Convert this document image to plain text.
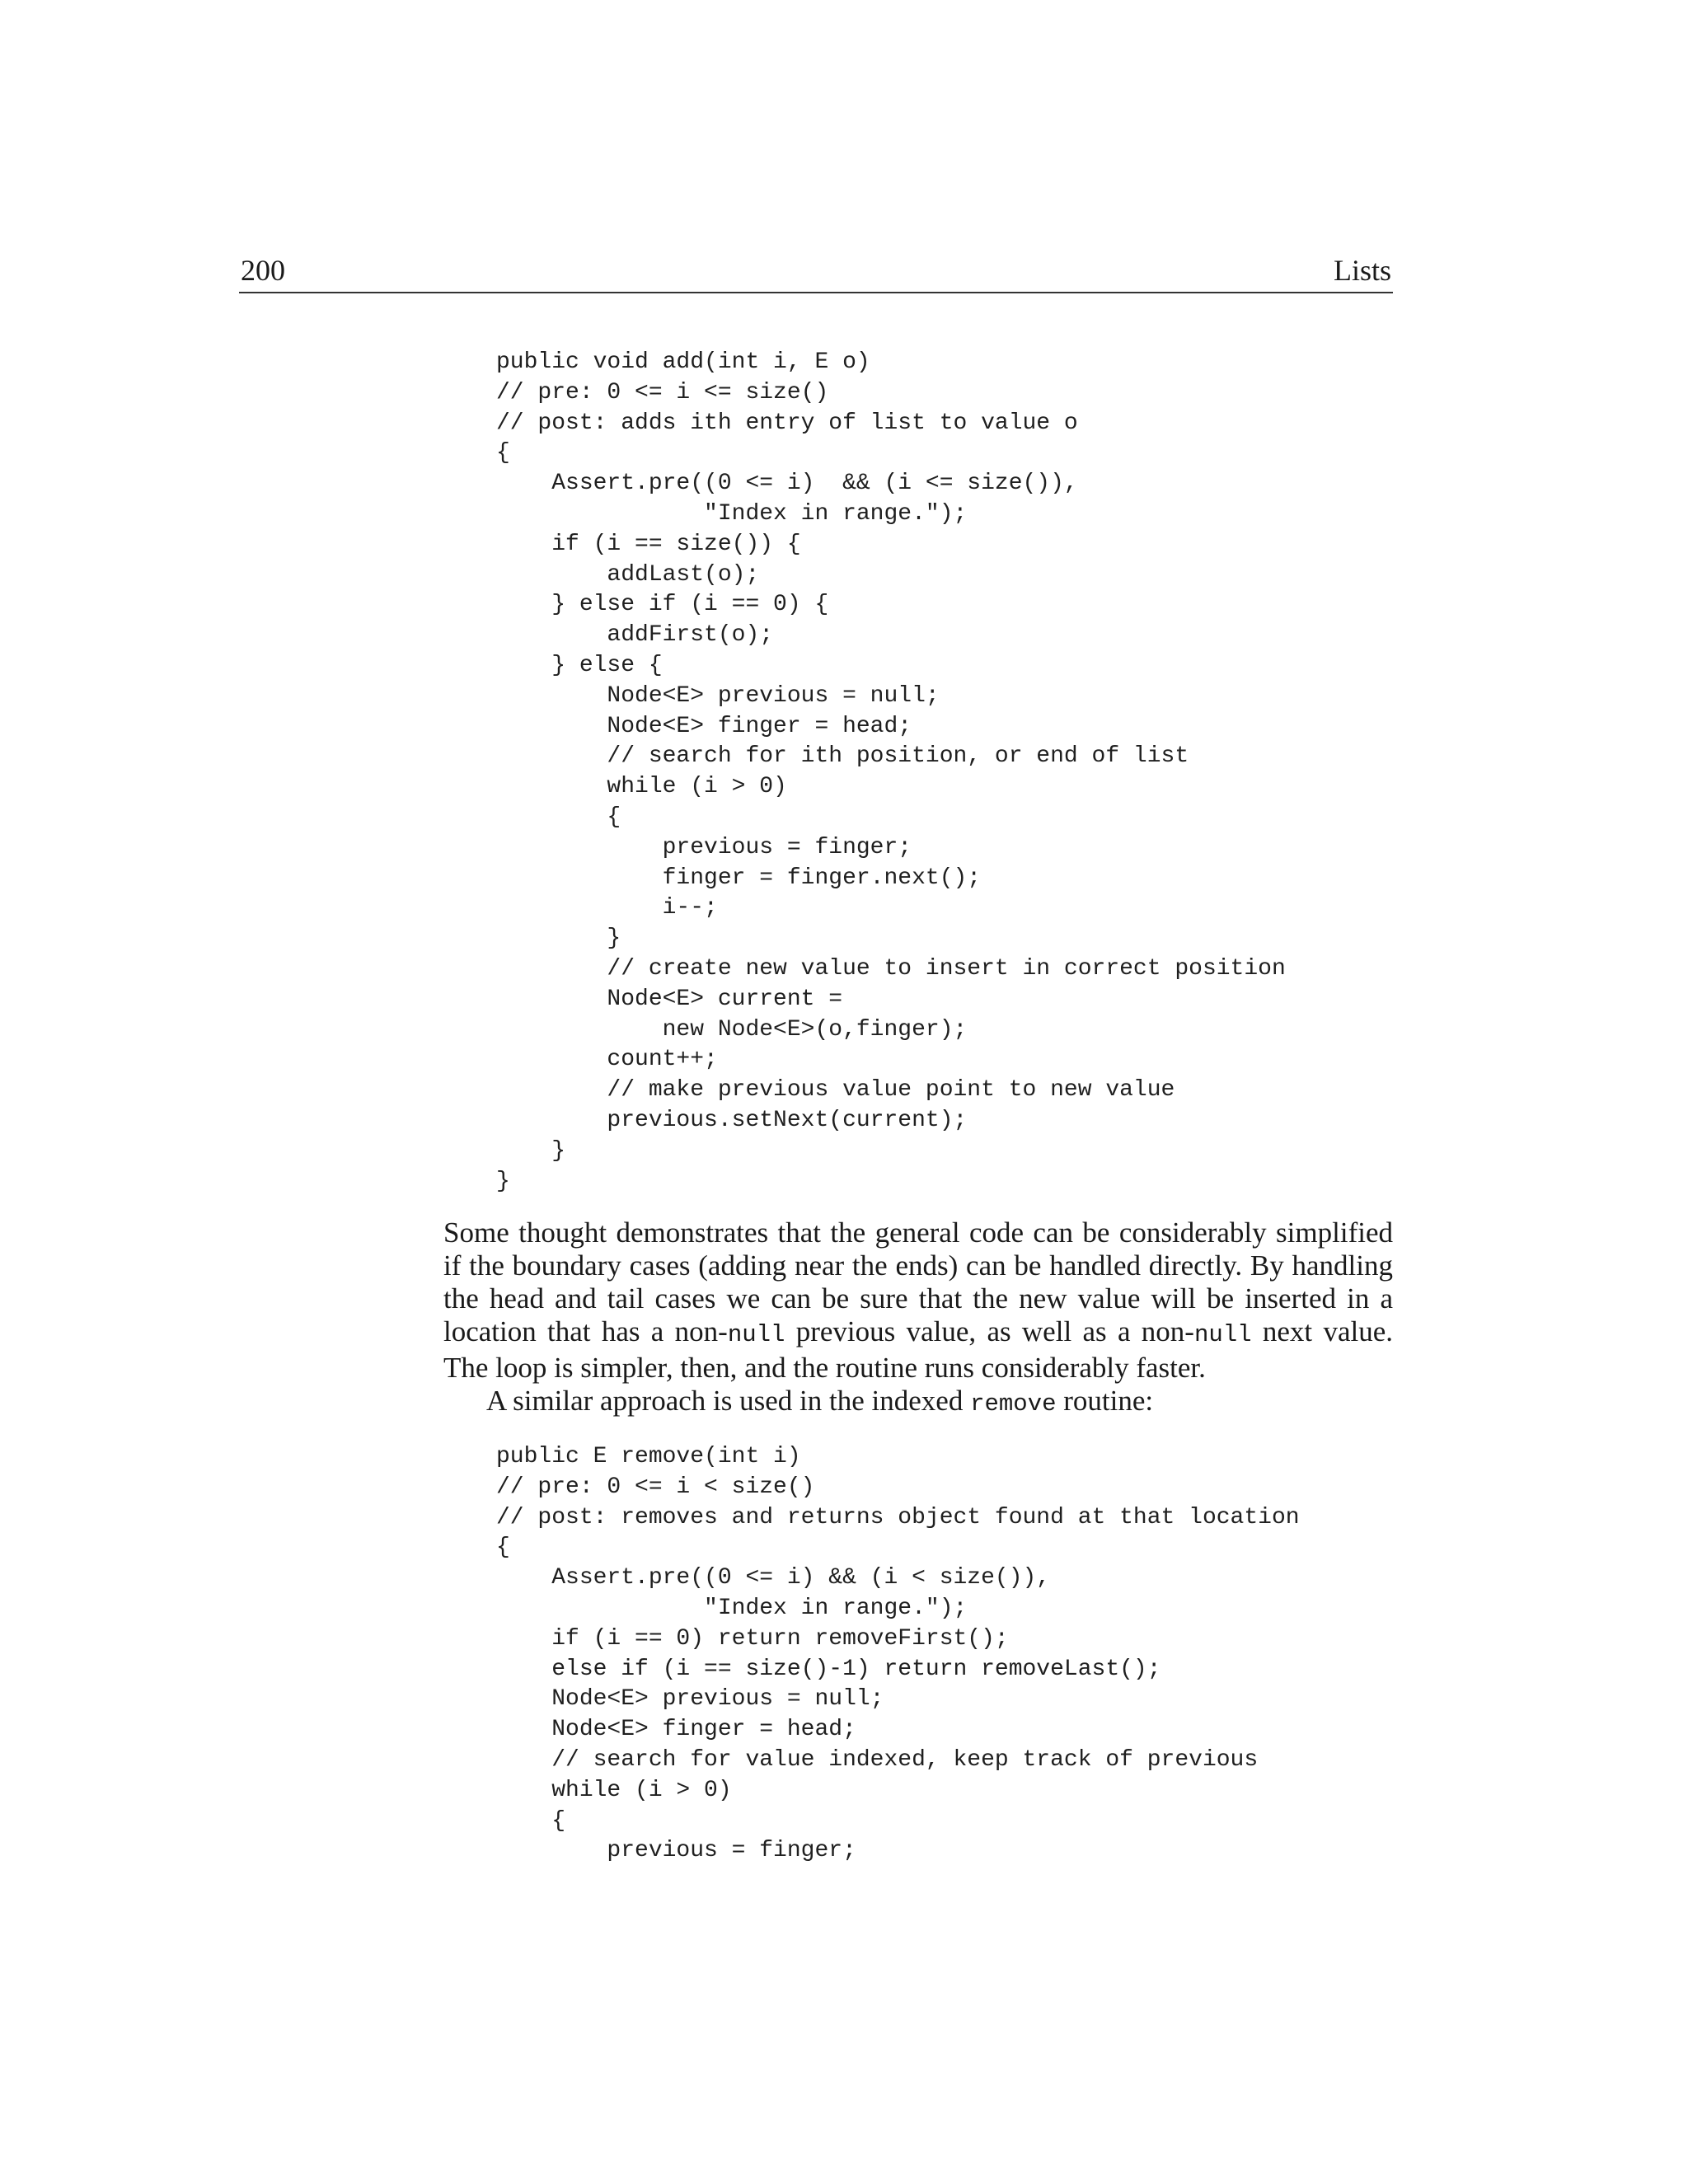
200	Lists
public void add(int i, E o)
// pre: 0 <= i <= size()
// post: adds ith entry of list to value o
{
Assert.pre((0 <= i)  && (i <= size()),
"Index in range.");
if (i == size()) {
addLast(o);
} else if (i == 0) {
addFirst(o);
} else {
Node<E> previous = null;
Node<E> finger = head;
// search for ith position, or end of list
while (i > 0)
{
previous = finger;
finger = finger.next();
i--;
}
// create new value to insert in correct position
Node<E> current =
new Node<E>(o,finger);
count++;
// make previous value point to new value
previous.setNext(current);
}
}

Some thought demonstrates that the general code can be considerably simplified if the boundary cases (adding near the ends) can be handled directly. By handling the head and tail cases we can be sure that the new value will be inserted in a location that has a non-null previous value, as well as a non-null next value. The loop is simpler, then, and the routine runs considerably faster.

A similar approach is used in the indexed remove routine:

public E remove(int i)
// pre: 0 <= i < size()
// post: removes and returns object found at that location
{
Assert.pre((0 <= i) && (i < size()),
"Index in range.");
if (i == 0) return removeFirst();
else if (i == size()-1) return removeLast();
Node<E> previous = null;
Node<E> finger = head;
// search for value indexed, keep track of previous
while (i > 0)
{
previous = finger;
